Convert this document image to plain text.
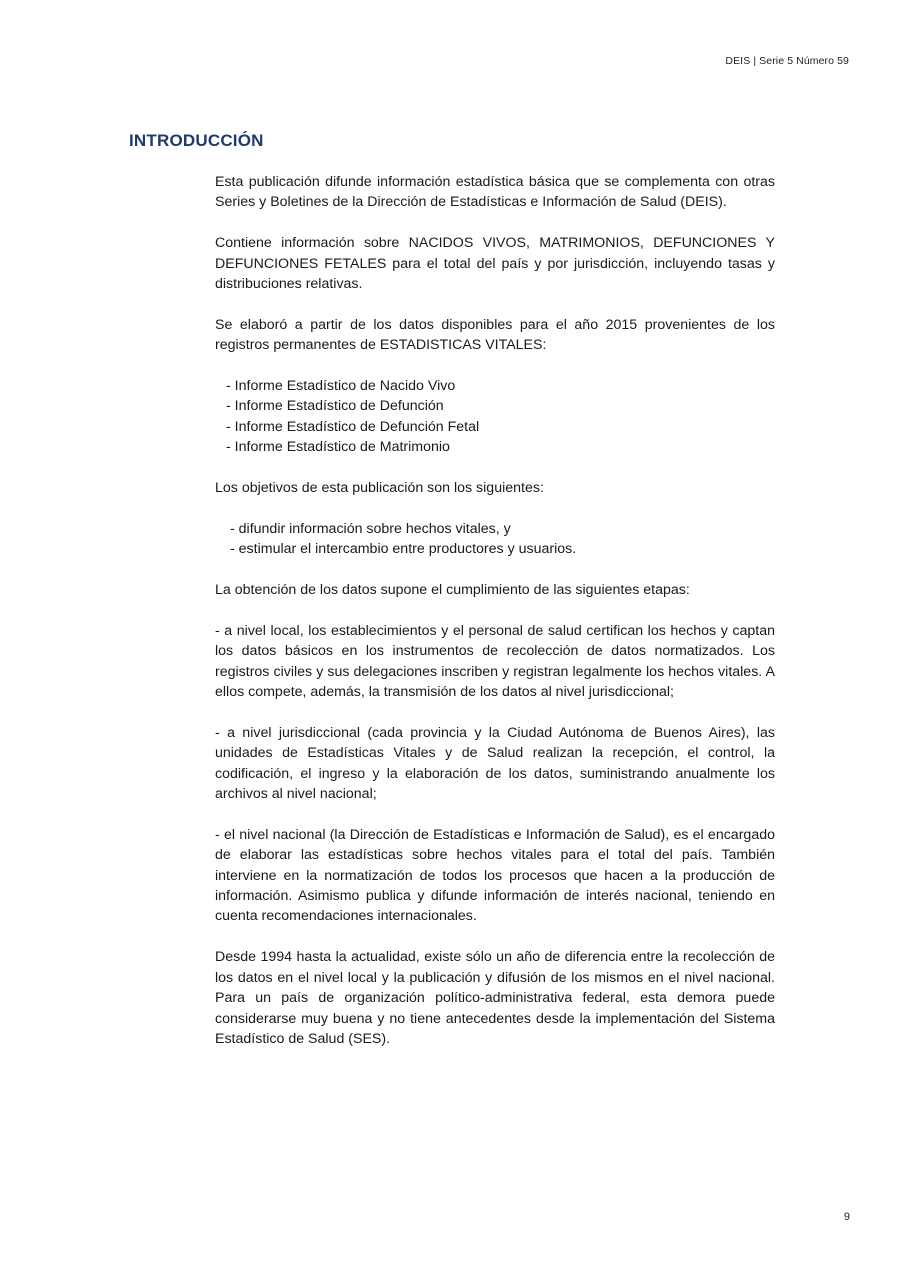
DEIS | Serie 5 Número 59
INTRODUCCIÓN

Esta publicación difunde información estadística básica que se complementa con otras Series y Boletines de la Dirección de Estadísticas e Información de Salud (DEIS).

Contiene información sobre NACIDOS VIVOS, MATRIMONIOS, DEFUNCIONES Y DEFUNCIONES FETALES para el total del país y por jurisdicción, incluyendo tasas y distribuciones relativas.

Se elaboró a partir de los datos disponibles para el año 2015 provenientes de los registros permanentes de ESTADISTICAS VITALES:

- Informe Estadístico de Nacido Vivo
- Informe Estadístico de Defunción
- Informe Estadístico de Defunción Fetal
- Informe Estadístico de Matrimonio

Los objetivos de esta publicación son los siguientes:

- difundir información sobre hechos vitales, y
- estimular el intercambio entre productores y usuarios.

La obtención de los datos supone el cumplimiento de las siguientes etapas:

- a nivel local, los establecimientos y el personal de salud certifican los hechos y captan los datos básicos en los instrumentos de recolección de datos normatizados. Los registros civiles y sus delegaciones inscriben y registran legalmente los hechos vitales. A ellos compete, además, la transmisión de los datos al nivel jurisdiccional;

- a nivel jurisdiccional (cada provincia y la Ciudad Autónoma de Buenos Aires), las unidades de Estadísticas Vitales y de Salud realizan la recepción, el control, la codificación, el ingreso y la elaboración de los datos, suministrando anualmente los archivos al nivel nacional;

- el nivel nacional (la Dirección de Estadísticas e Información de Salud), es el encargado de elaborar las estadísticas sobre hechos vitales para el total del país. También interviene en la normatización de todos los procesos que hacen a la producción de información. Asimismo publica y difunde información de interés nacional, teniendo en cuenta recomendaciones internacionales.

Desde 1994 hasta la actualidad, existe sólo un año de diferencia entre la recolección de los datos en el nivel local y la publicación y difusión de los mismos en el nivel nacional. Para un país de organización político-administrativa federal, esta demora puede considerarse muy buena y no tiene antecedentes desde la implementación del Sistema Estadístico de Salud (SES).

9
